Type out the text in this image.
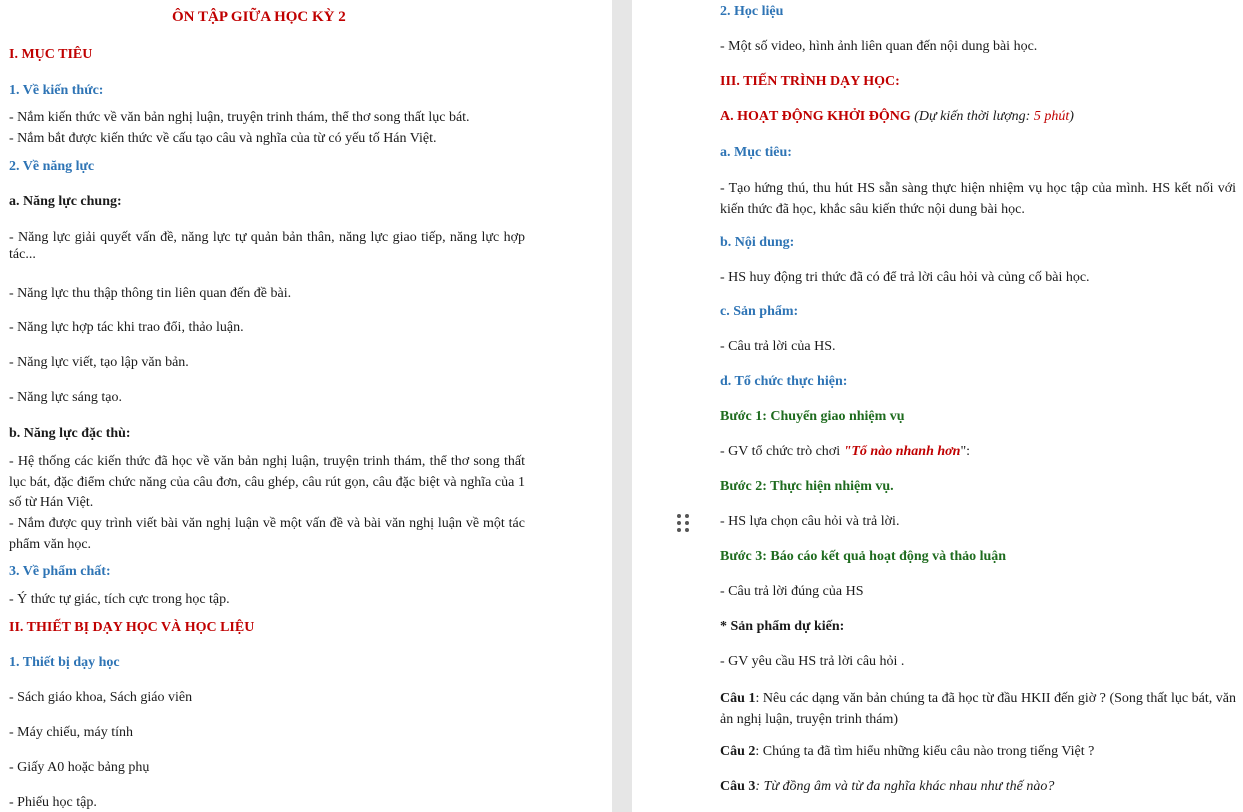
ÔN TẬP GIỮA HỌC KỲ 2
I. MỤC TIÊU
1. Về kiến thức:
- Nắm kiến thức về văn bản nghị luận, truyện trinh thám, thể thơ song thất lục bát.
- Nắm bắt được kiến thức về cấu tạo câu và nghĩa của từ có yếu tố Hán Việt.
2. Về năng lực
a. Năng lực chung:
- Năng lực giải quyết vấn đề, năng lực tự quản bản thân, năng lực giao tiếp, năng lực hợp tác...
- Năng lực thu thập thông tin liên quan đến đề bài.
- Năng lực hợp tác khi trao đổi, thảo luận.
- Năng lực viết, tạo lập văn bản.
- Năng lực sáng tạo.
b. Năng lực đặc thù:
- Hệ thống các kiến thức đã học về văn bản nghị luận, truyện trinh thám, thể thơ song thất lục bát, đặc điểm chức năng của câu đơn, câu ghép, câu rút gọn, câu đặc biệt và nghĩa của 1 số từ Hán Việt.
- Nắm được quy trình viết bài văn nghị luận về một vấn đề và bài văn nghị luận về một tác phẩm văn học.
3. Về phẩm chất:
- Ý thức tự giác, tích cực trong học tập.
II. THIẾT BỊ DẠY HỌC VÀ HỌC LIỆU
1. Thiết bị dạy học
- Sách giáo khoa, Sách giáo viên
- Máy chiếu, máy tính
- Giấy A0 hoặc bảng phụ
- Phiếu học tập.
2. Học liệu
- Một số video, hình ảnh liên quan đến nội dung bài học.
III. TIẾN TRÌNH DẠY HỌC:
A. HOẠT ĐỘNG KHỞI ĐỘNG (Dự kiến thời lượng: 5 phút)
a. Mục tiêu:
- Tạo hứng thú, thu hút HS sẵn sàng thực hiện nhiệm vụ học tập của mình. HS kết nối với kiến thức đã học, khắc sâu kiến thức nội dung bài học.
b. Nội dung:
- HS huy động tri thức đã có để trả lời câu hỏi và củng cố bài học.
c. Sản phẩm:
- Câu trả lời của HS.
d. Tổ chức thực hiện:
Bước 1: Chuyển giao nhiệm vụ
- GV tổ chức trò chơi "Tổ nào nhanh hơn":
Bước 2: Thực hiện nhiệm vụ.
- HS lựa chọn câu hỏi và trả lời.
Bước 3: Báo cáo kết quả hoạt động và thảo luận
- Câu trả lời đúng của HS
* Sản phẩm dự kiến:
- GV yêu cầu HS trả lời câu hỏi .
Câu 1: Nêu các dạng văn bản chúng ta đã học từ đầu HKII đến giờ ? (Song thất lục bát, văn ản nghị luận, truyện trinh thám)
Câu 2: Chúng ta đã tìm hiểu những kiểu câu nào trong tiếng Việt ?
Câu 3: Từ đồng âm và từ đa nghĩa khác nhau như thế nào?
